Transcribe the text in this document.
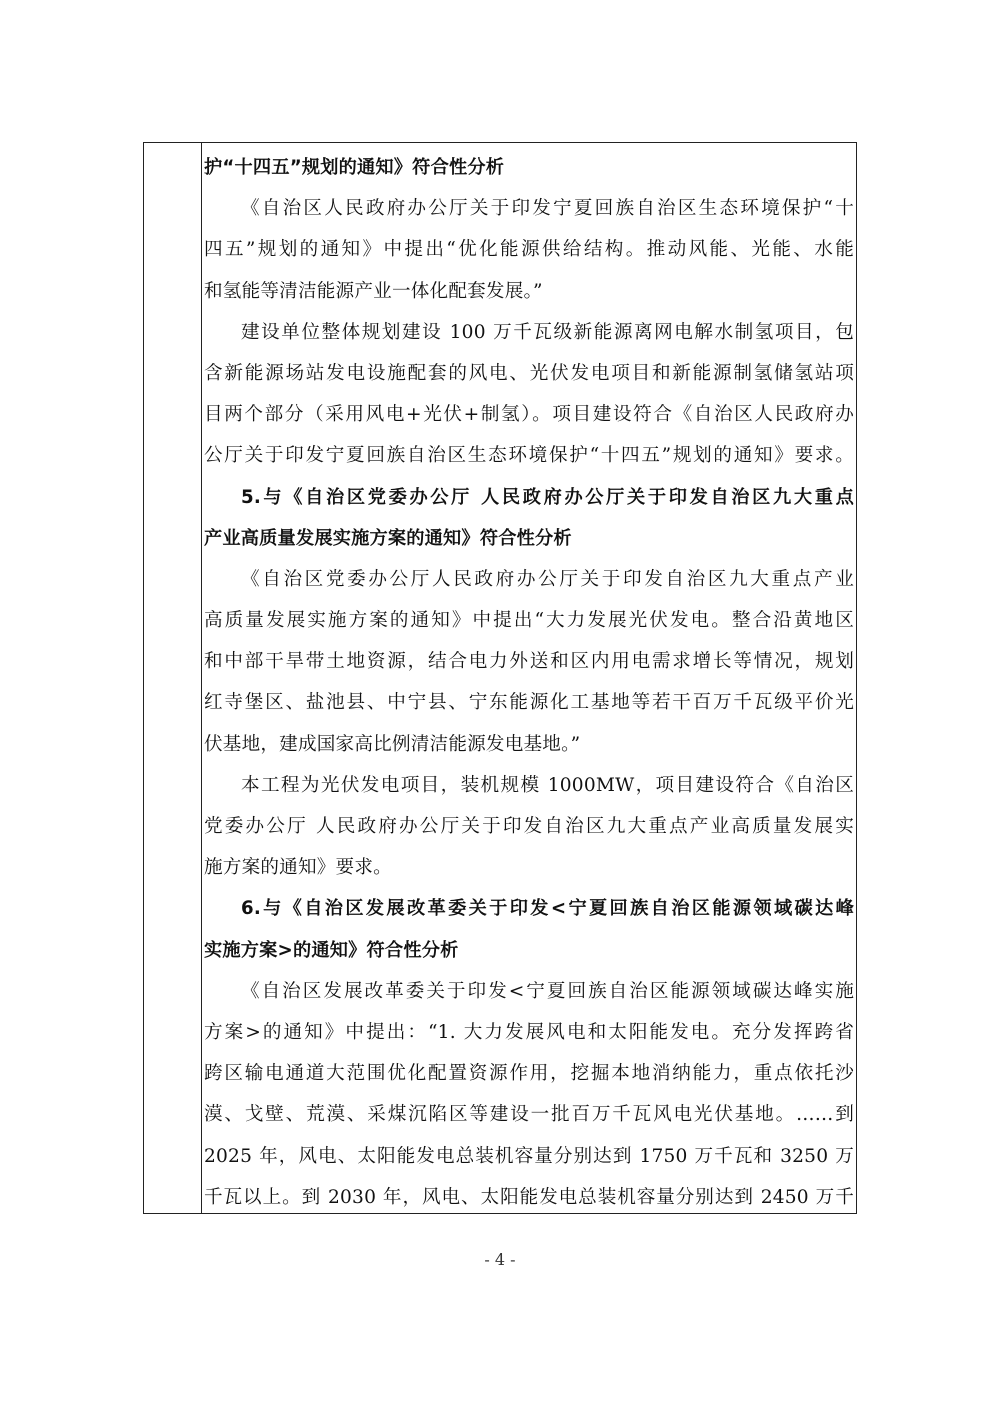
护“十四五”规划的通知》符合性分析
《自治区人民政府办公厅关于印发宁夏回族自治区生态环境保护“十
四五”规划的通知》中提出“优化能源供给结构。推动风能、光能、水能
和氢能等清洁能源产业一体化配套发展。”
建设单位整体规划建设 100 万千瓦级新能源离网电解水制氢项目，包
含新能源场站发电设施配套的风电、光伏发电项目和新能源制氢储氢站项
目两个部分（采用风电+光伏+制氢）。项目建设符合《自治区人民政府办
公厅关于印发宁夏回族自治区生态环境保护“十四五”规划的通知》要求。
5.与《自治区党委办公厅 人民政府办公厅关于印发自治区九大重点
产业高质量发展实施方案的通知》符合性分析
《自治区党委办公厅人民政府办公厅关于印发自治区九大重点产业
高质量发展实施方案的通知》中提出“大力发展光伏发电。整合沿黄地区
和中部干旱带土地资源，结合电力外送和区内用电需求增长等情况，规划
红寺堡区、盐池县、中宁县、宁东能源化工基地等若干百万千瓦级平价光
伏基地，建成国家高比例清洁能源发电基地。”
本工程为光伏发电项目，装机规模 1000MW，项目建设符合《自治区
党委办公厅 人民政府办公厅关于印发自治区九大重点产业高质量发展实
施方案的通知》要求。
6.与《自治区发展改革委关于印发<宁夏回族自治区能源领域碳达峰
实施方案>的通知》符合性分析
《自治区发展改革委关于印发<宁夏回族自治区能源领域碳达峰实施
方案>的通知》中提出：“1. 大力发展风电和太阳能发电。充分发挥跨省
跨区输电通道大范围优化配置资源作用，挖掘本地消纳能力，重点依托沙
漠、戈壁、荒漠、采煤沉陷区等建设一批百万千瓦风电光伏基地。……到
2025 年，风电、太阳能发电总装机容量分别达到 1750 万千瓦和 3250 万
千瓦以上。到 2030 年，风电、太阳能发电总装机容量分别达到 2450 万千
- 4 -
